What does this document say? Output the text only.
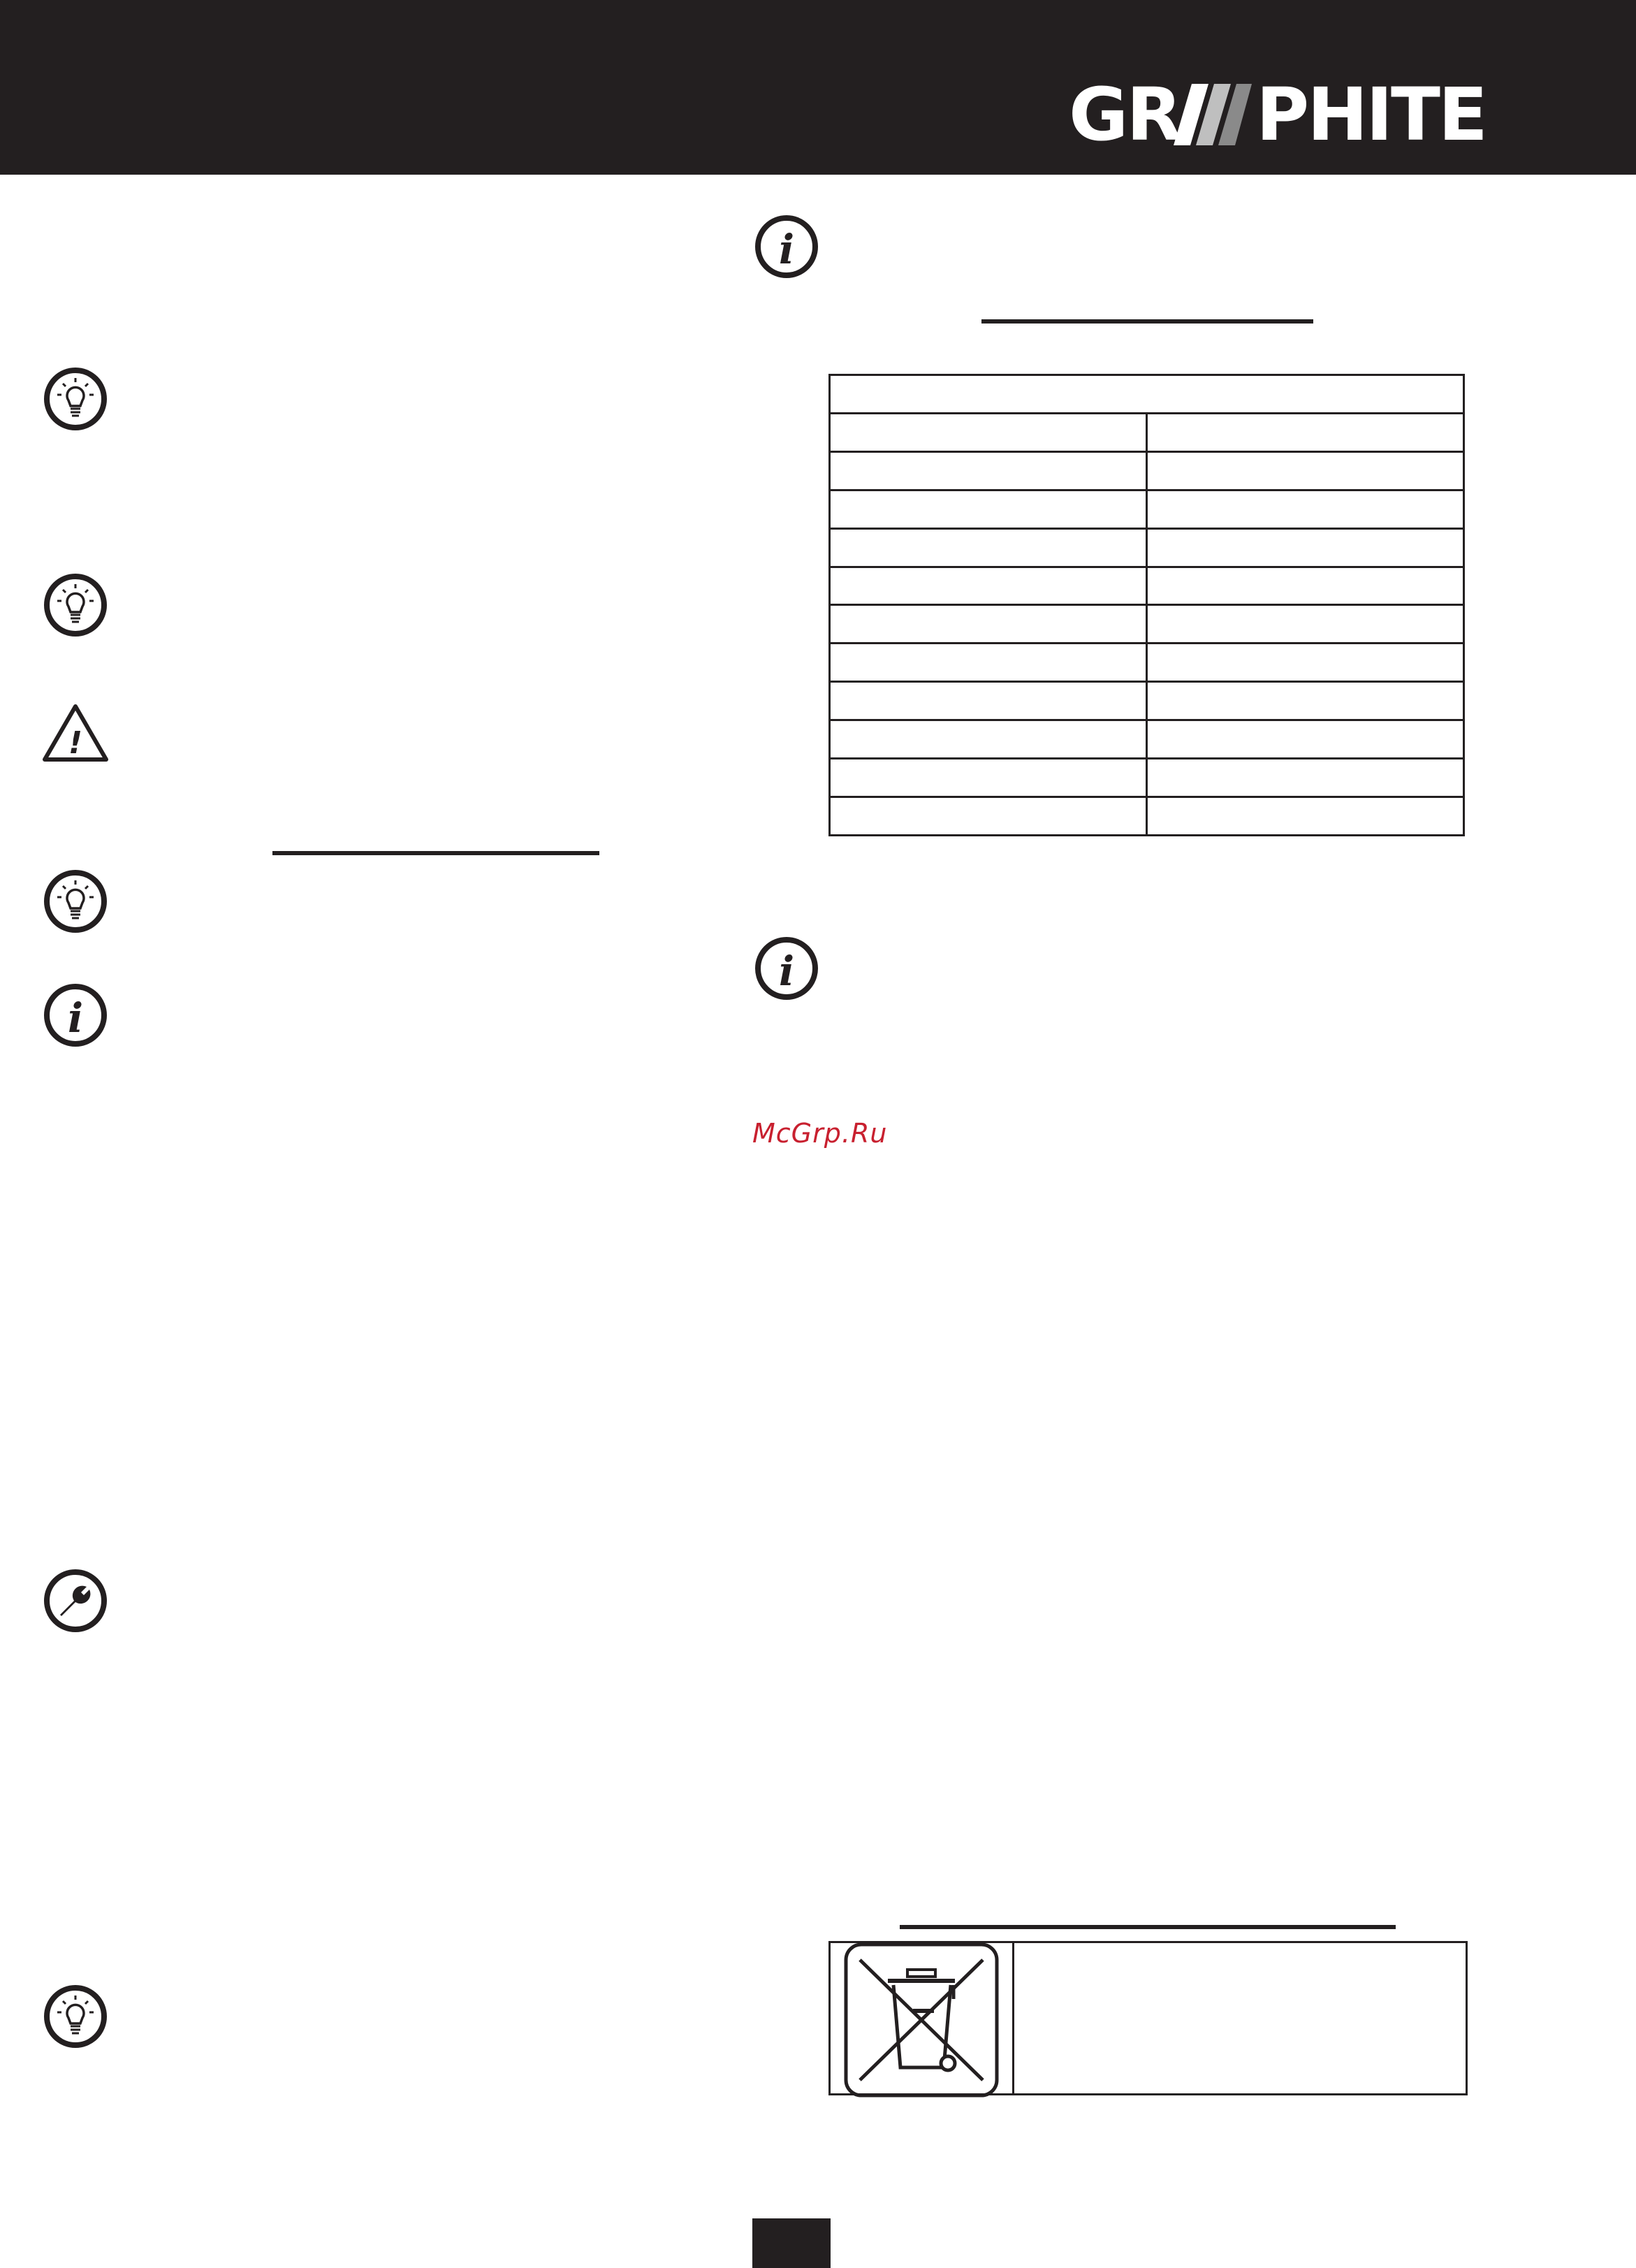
GR PHITE
!
i
i

i
McGrp.Ru
